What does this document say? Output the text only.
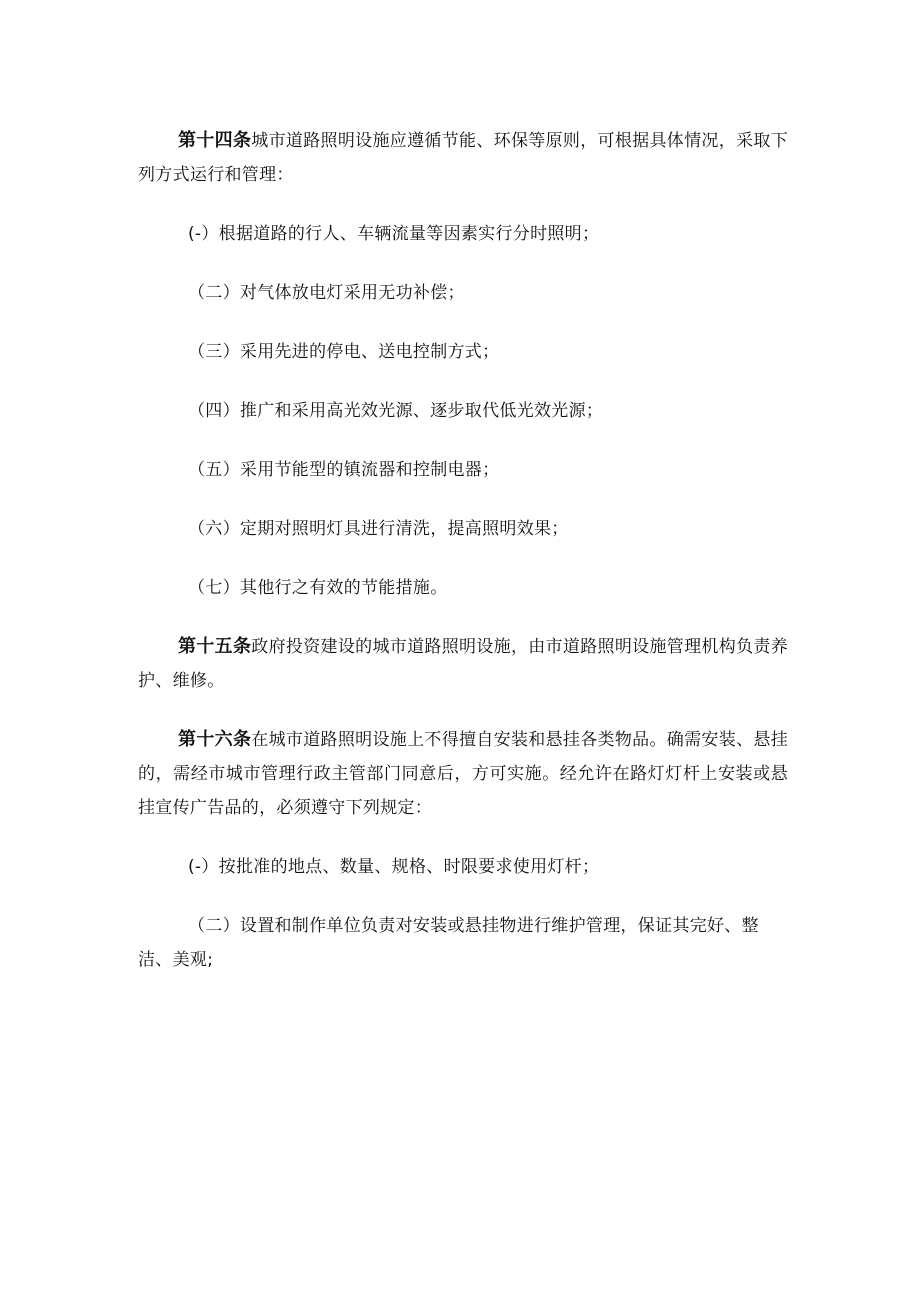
第十四条城市道路照明设施应遵循节能、环保等原则，可根据具体情况，采取下列方式运行和管理：

(-）根据道路的行人、车辆流量等因素实行分时照明；

（二）对气体放电灯采用无功补偿；

（三）采用先进的停电、送电控制方式；

（四）推广和采用高光效光源、逐步取代低光效光源；

（五）采用节能型的镇流器和控制电器；

（六）定期对照明灯具进行清洗，提高照明效果；

（七）其他行之有效的节能措施。

第十五条政府投资建设的城市道路照明设施，由市道路照明设施管理机构负责养护、维修。

第十六条在城市道路照明设施上不得擅自安装和悬挂各类物品。确需安装、悬挂的，需经市城市管理行政主管部门同意后，方可实施。经允许在路灯灯杆上安装或悬挂宣传广告品的，必须遵守下列规定：

(-）按批准的地点、数量、规格、时限要求使用灯杆；

（二）设置和制作单位负责对安装或悬挂物进行维护管理，保证其完好、整洁、美观;
